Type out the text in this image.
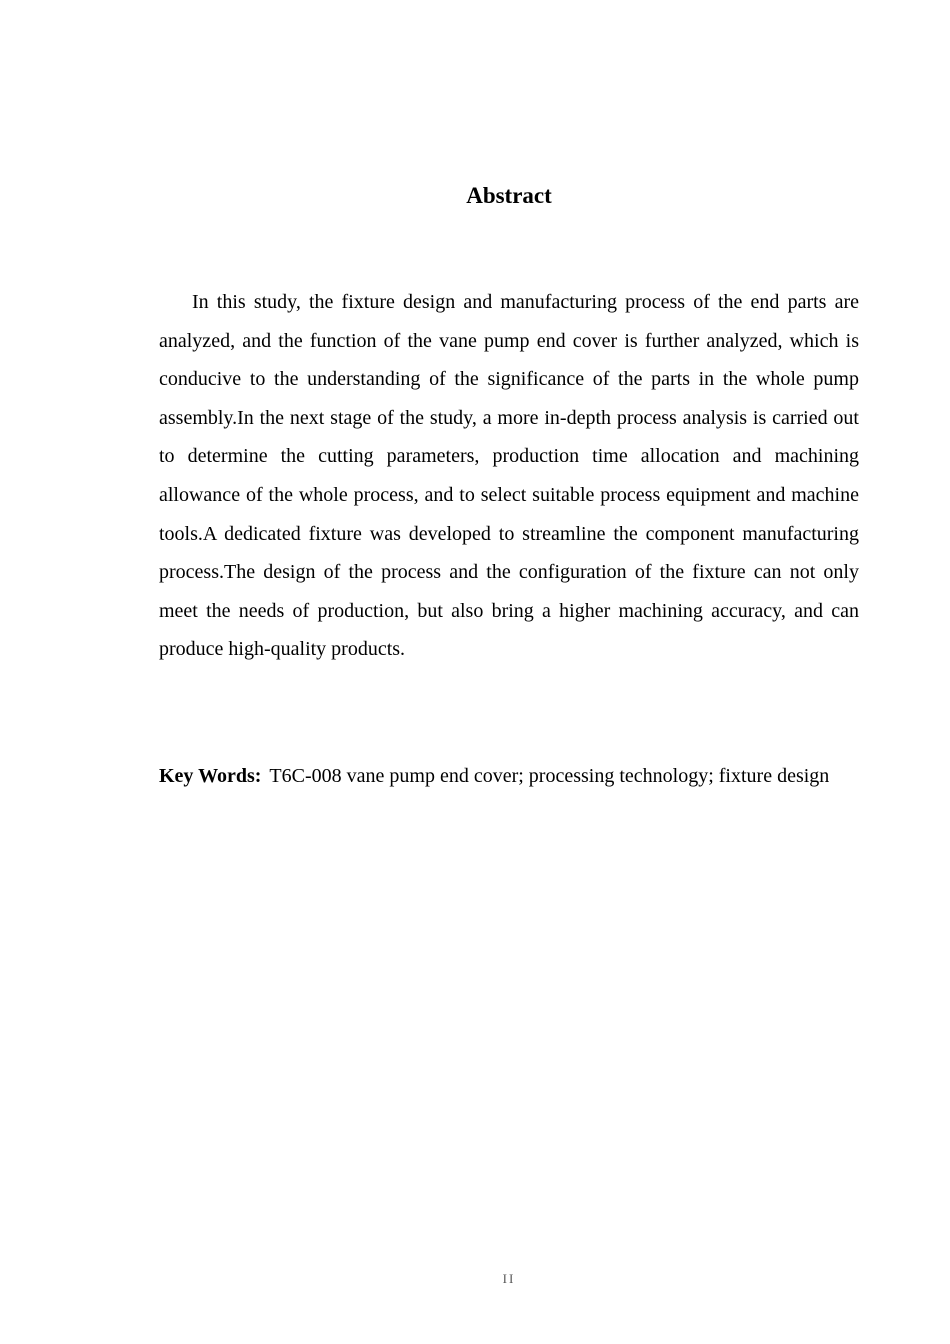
Abstract

In this study, the fixture design and manufacturing process of the end parts are analyzed, and the function of the vane pump end cover is further analyzed, which is conducive to the understanding of the significance of the parts in the whole pump assembly.In the next stage of the study, a more in-depth process analysis is carried out to determine the cutting parameters, production time allocation and machining allowance of the whole process, and to select suitable process equipment and machine tools.A dedicated fixture was developed to streamline the component manufacturing process.The design of the process and the configuration of the fixture can not only meet the needs of production, but also bring a higher machining accuracy, and can produce high-quality products.

Key Words: T6C-008 vane pump end cover; processing technology; fixture design

II
